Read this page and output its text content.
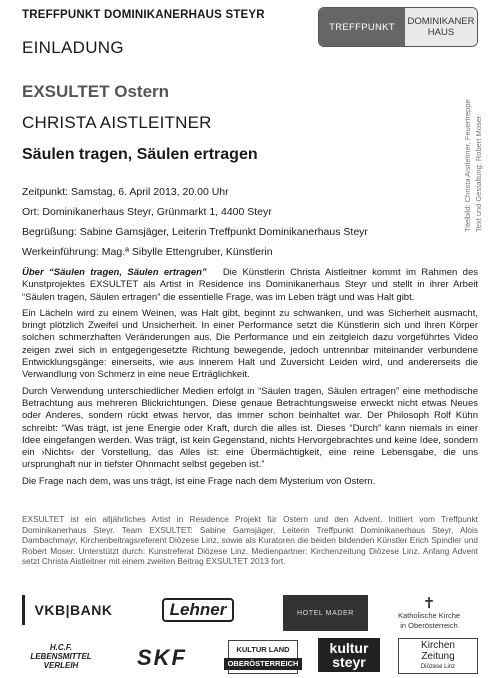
TREFFPUNKT DOMINIKANERHAUS STEYR
TREFFPUNKT	DOMINIKANER
HAUS
EINLADUNG
EXSULTET Ostern
CHRISTA AISTLEITNER
Säulen tragen, Säulen ertragen
Zeitpunkt: Samstag, 6. April 2013, 20.00 Uhr
Ort: Dominikanerhaus Steyr, Grünmarkt 1, 4400 Steyr
Begrüßung: Sabine Gamsjäger, Leiterin Treffpunkt Dominikanerhaus Steyr
Werkeinführung: Mag.ª Sibylle Ettengruber, Künstlerin
Titelbild: Christa Aistleitner, Feuertreppe Text und Gestaltung: Robert Moser

Über “Säulen tragen, Säulen ertragen” Die Künstlerin Christa Aistleitner kommt im Rahmen des Kunstprojektes EXSULTET als Artist in Residence ins Dominikanerhaus Steyr und stellt in ihrer Arbeit “Säulen tragen, Säulen ertragen” die essentielle Frage, was im Leben trägt und was Halt gibt.

Ein Lächeln wird zu einem Weinen, was Halt gibt, beginnt zu schwanken, und was Sicherheit ausmacht, bringt plötzlich Zweifel und Unsicherheit. In einer Performance setzt die Künstlerin sich und ihren Körper solchen schmerzhaften Veränderungen aus. Die Performance und ein zeitgleich dazu vorgeführtes Video zeigen zwei sich in entgegengesetzte Richtung bewegende, jedoch untrennbar miteinander verbundene Entwicklungsgänge: einerseits, wie aus innerem Halt und Zuversicht Leiden wird, und andererseits die Verwandlung von Schmerz in eine neue Erträglichkeit.

Durch Verwendung unterschiedlicher Medien erfolgt in “Säulen tragen, Säulen ertragen” eine methodische Betrachtung aus mehreren Blickrichtungen. Diese genaue Betrachtungsweise erweckt nicht etwas Neues oder Anderes, sondern rückt etwas hervor, das immer schon beinhaltet war. Der Philosoph Rolf Kühn schreibt: “Was trägt, ist jene Energie oder Kraft, durch die alles ist. Dieses “Durch” kann niemals in einer Idee eingefangen werden. Was trägt, ist kein Gegenstand, nichts Hervorgebrachtes und keine Idee, sondern ein ›Nichts‹ der Vorstellung, das Alles ist: eine Übermächtigkeit, eine reine Lebensgabe, die uns ursprunghaft nur in tiefster Ohnmacht selbst gegeben ist.”

Die Frage nach dem, was uns trägt, ist eine Frage nach dem Mysterium von Ostern.

EXSULTET ist ein alljährliches Artist in Residence Projekt für Ostern und den Advent. Initiiert vom Treffpunkt Dominikanerhaus Steyr. Team EXSULTET: Sabine Gamsjäger, Leiterin Treffpunkt Dominikanerhaus Steyr, Alois Dambachmayr, Kirchenbeitragsreferent Diözese Linz, sowie als Kuratoren die beiden bildenden Künstler Erich Spindler und Robert Moser. Unterstützt durch: Kunstreferat Diözese Linz. Medienpartner: Kirchenzeitung Diözese Linz. Anfang Advent setzt Christa Aistleitner mit einem zweiten Beitrag EXSULTET 2013 fort.
VKB|BANK	Lehner	HOTEL MADER
✝
Katholische Kirche
in Oberösterreich
H.C.F.
LEBENSMITTEL
VERLEIH	SKF	KULTUR LAND
OBERÖSTERREICH
kultur
steyr
Kirchen
Zeitung
Diözese Linz
